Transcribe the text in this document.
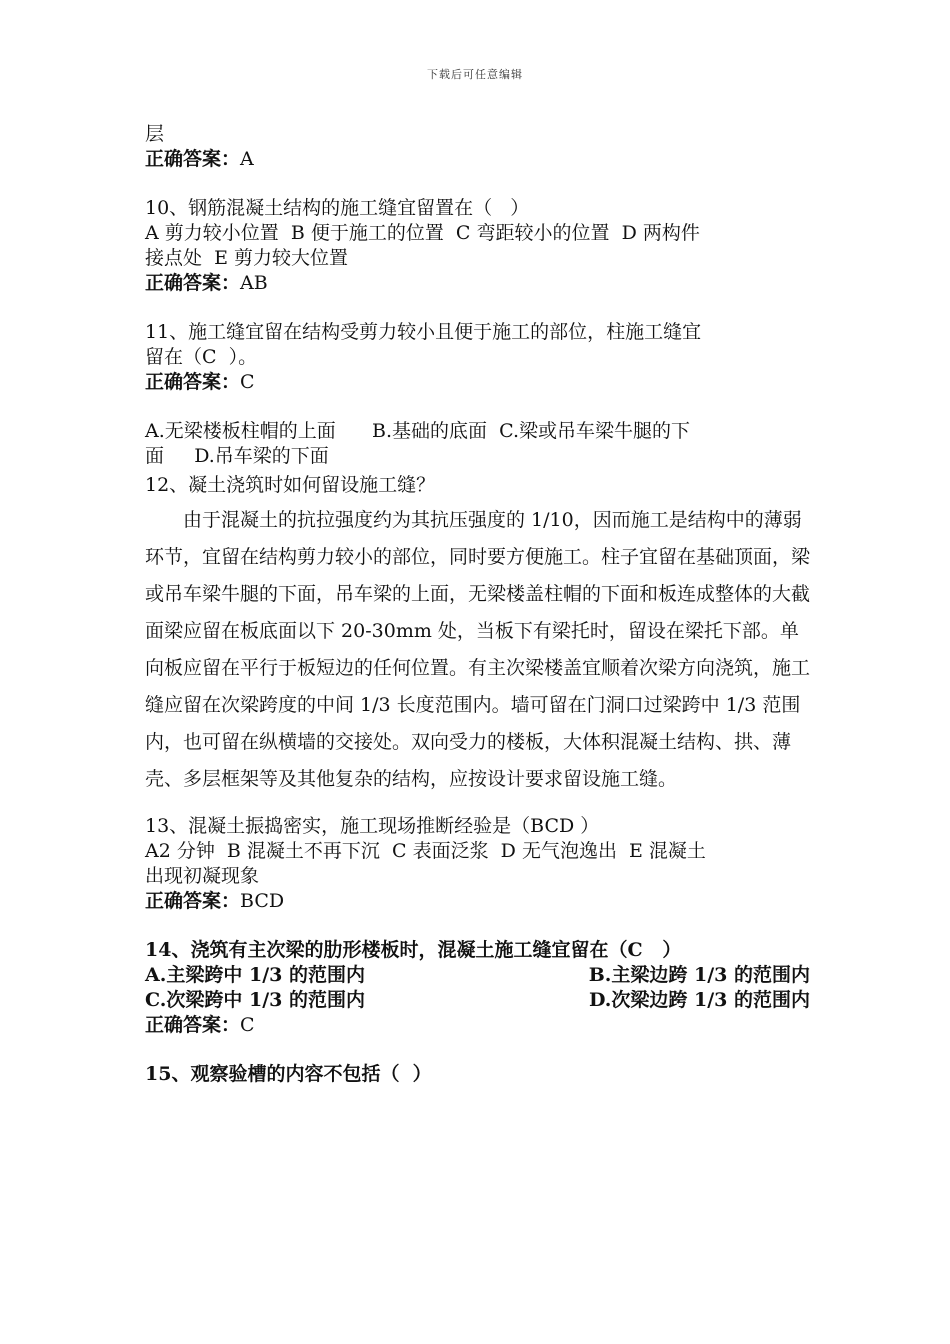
下载后可任意编辑
层
正确答案：A
10、钢筋混凝土结构的施工缝宜留置在（   ）
A 剪力较小位置  B 便于施工的位置  C 弯距较小的位置  D 两构件
接点处  E 剪力较大位置
正确答案：AB
11、施工缝宜留在结构受剪力较小且便于施工的部位，柱施工缝宜
留在（C  ）。
正确答案：C
A.无梁楼板柱帽的上面      B.基础的底面  C.梁或吊车梁牛腿的下
面     D.吊车梁的下面
12、凝土浇筑时如何留设施工缝？
由于混凝土的抗拉强度约为其抗压强度的 1/10，因而施工是结构中的薄弱环节，宜留在结构剪力较小的部位，同时要方便施工。柱子宜留在基础顶面，梁或吊车梁牛腿的下面，吊车梁的上面，无梁楼盖柱帽的下面和板连成整体的大截面梁应留在板底面以下 20-30mm 处，当板下有梁托时，留设在梁托下部。单向板应留在平行于板短边的任何位置。有主次梁楼盖宜顺着次梁方向浇筑，施工缝应留在次梁跨度的中间 1/3 长度范围内。墙可留在门洞口过梁跨中 1/3 范围内，也可留在纵横墙的交接处。双向受力的楼板，大体积混凝土结构、拱、薄壳、多层框架等及其他复杂的结构，应按设计要求留设施工缝。
13、混凝土振捣密实，施工现场推断经验是（BCD ）
A2 分钟  B 混凝土不再下沉  C 表面泛浆  D 无气泡逸出  E 混凝土
出现初凝现象
正确答案：BCD
14、浇筑有主次梁的肋形楼板时，混凝土施工缝宜留在（C   ）
A.主梁跨中 1/3 的范围内	B.主梁边跨 1/3 的范围内
C.次梁跨中 1/3 的范围内	D.次梁边跨 1/3 的范围内
正确答案：C
15、观察验槽的内容不包括（  ）
